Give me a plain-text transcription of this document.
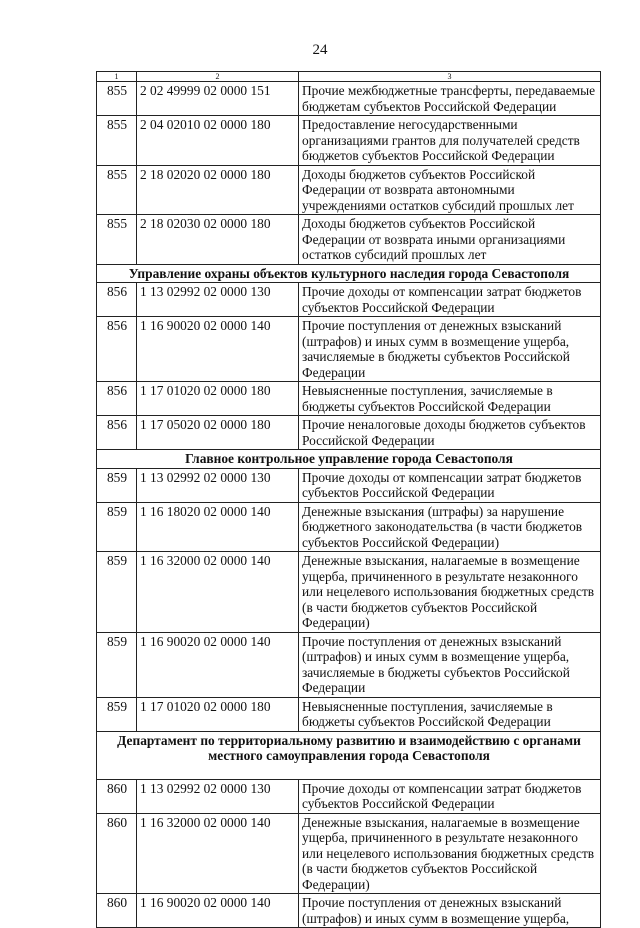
24
1	2	3
855	2 02 49999 02 0000 151	Прочие межбюджетные трансферты, передаваемые бюджетам субъектов Российской Федерации
855	2 04 02010 02 0000 180	Предоставление негосударственными организациями грантов для получателей средств бюджетов субъектов Российской Федерации
855	2 18 02020 02 0000 180	Доходы бюджетов субъектов Российской Федерации от возврата автономными учреждениями остатков субсидий прошлых лет
855	2 18 02030 02 0000 180	Доходы бюджетов субъектов Российской Федерации от возврата иными организациями остатков субсидий прошлых лет
Управление охраны объектов культурного наследия города Севастополя		
856	1 13 02992 02 0000 130	Прочие доходы от компенсации затрат бюджетов субъектов Российской Федерации
856	1 16 90020 02 0000 140	Прочие поступления от денежных взысканий (штрафов) и иных сумм в возмещение ущерба, зачисляемые в бюджеты субъектов Российской Федерации
856	1 17 01020 02 0000 180	Невыясненные поступления, зачисляемые в бюджеты субъектов Российской Федерации
856	1 17 05020 02 0000 180	Прочие неналоговые доходы бюджетов субъектов Российской Федерации
Главное контрольное управление города Севастополя		
859	1 13 02992 02 0000 130	Прочие доходы от компенсации затрат бюджетов субъектов Российской Федерации
859	1 16 18020 02 0000 140	Денежные взыскания (штрафы) за нарушение бюджетного законодательства (в части бюджетов субъектов Российской Федерации)
859	1 16 32000 02 0000 140	Денежные взыскания, налагаемые в возмещение ущерба, причиненного в результате незаконного или нецелевого использования бюджетных средств (в части бюджетов субъектов Российской Федерации)
859	1 16 90020 02 0000 140	Прочие поступления от денежных взысканий (штрафов) и иных сумм в возмещение ущерба, зачисляемые в бюджеты субъектов Российской Федерации
859	1 17 01020 02 0000 180	Невыясненные поступления, зачисляемые в бюджеты субъектов Российской Федерации
Департамент по территориальному развитию и взаимодействию с органами местного самоуправления города Севастополя		
860	1 13 02992 02 0000 130	Прочие доходы от компенсации затрат бюджетов субъектов Российской Федерации
860	1 16 32000 02 0000 140	Денежные взыскания, налагаемые в возмещение ущерба, причиненного в результате незаконного или нецелевого использования бюджетных средств (в части бюджетов субъектов Российской Федерации)
860	1 16 90020 02 0000 140	Прочие поступления от денежных взысканий (штрафов) и иных сумм в возмещение ущерба,
